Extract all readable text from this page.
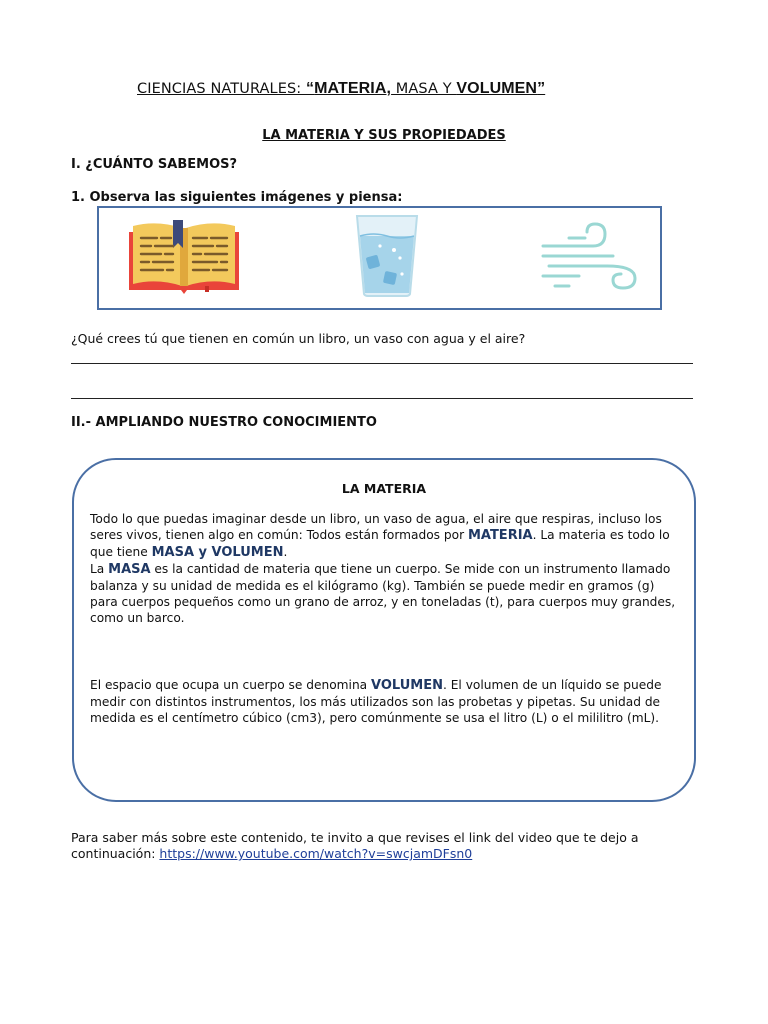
CIENCIAS NATURALES: “MATERIA, MASA Y VOLUMEN”
LA MATERIA Y SUS PROPIEDADES
I. ¿CUÁNTO SABEMOS?
1. Observa las siguientes imágenes y piensa:
¿Qué crees tú que tienen en común un libro, un vaso con agua y el aire?
II.- AMPLIANDO NUESTRO CONOCIMIENTO
LA MATERIA

Todo lo que puedas imaginar desde un libro, un vaso de agua, el aire que respiras, incluso los seres vivos, tienen algo en común: Todos están formados por MATERIA. La materia es todo lo que tiene MASA y VOLUMEN.

La MASA es la cantidad de materia que tiene un cuerpo. Se mide con un instrumento llamado balanza y su unidad de medida es el kilógramo (kg). También se puede medir en gramos (g) para cuerpos pequeños como un grano de arroz, y en toneladas (t), para cuerpos muy grandes, como un barco.

El espacio que ocupa un cuerpo se denomina VOLUMEN. El volumen de un líquido se puede medir con distintos instrumentos, los más utilizados son las probetas y pipetas. Su unidad de medida es el centímetro cúbico (cm3), pero comúnmente se usa el litro (L) o el mililitro (mL).

Para saber más sobre este contenido, te invito a que revises el link del video que te dejo a continuación: https://www.youtube.com/watch?v=swcjamDFsn0
